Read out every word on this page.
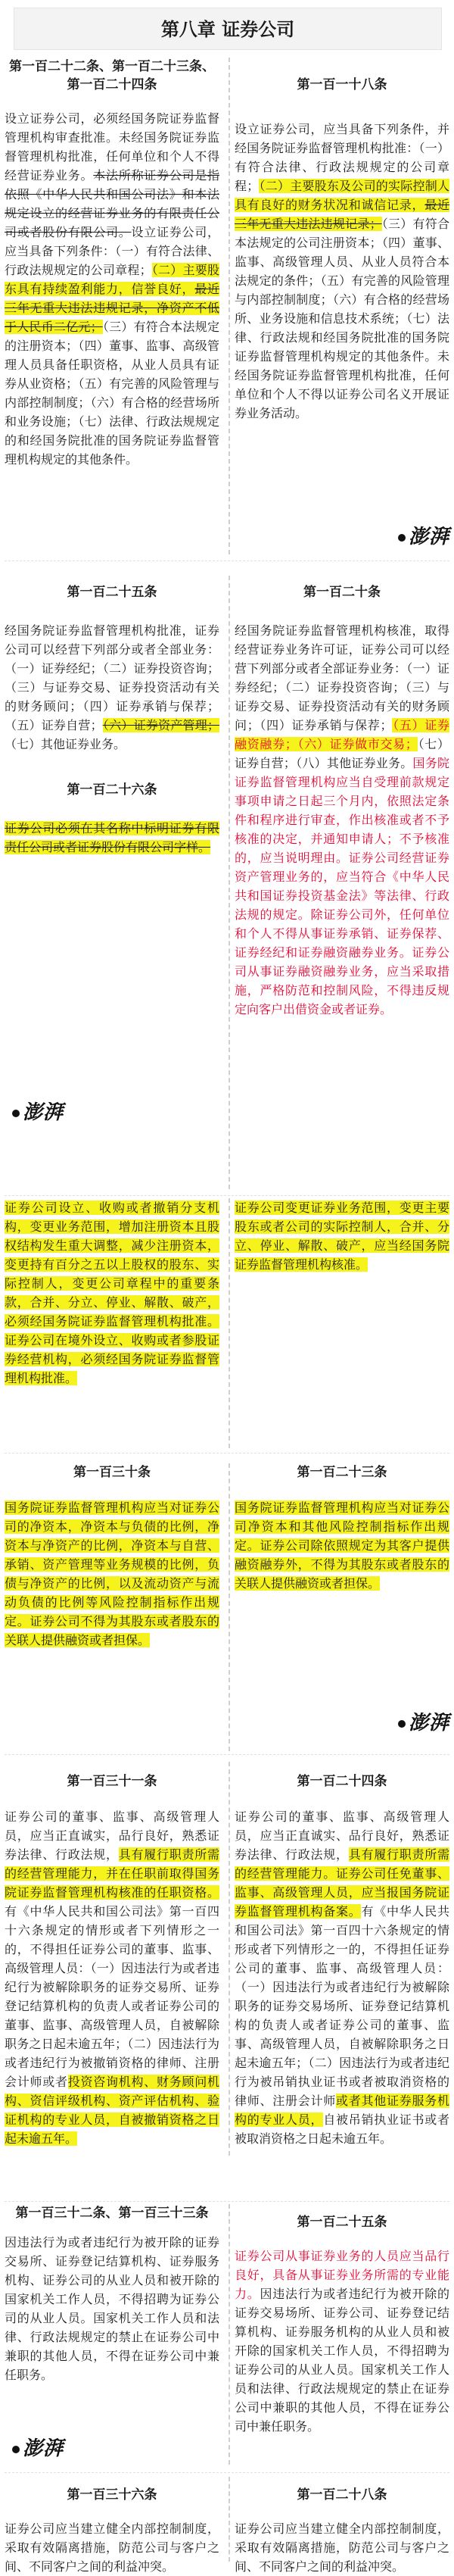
第八章 证券公司
第一百二十二条、第一百二十三条、第一百二十四条

设立证券公司，必须经国务院证券监督管理机构审查批准。未经国务院证券监督管理机构批准，任何单位和个人不得经营证券业务。本法所称证券公司是指依照《中华人民共和国公司法》和本法规定设立的经营证券业务的有限责任公司或者股份有限公司。设立证券公司，应当具备下列条件：（一）有符合法律、行政法规规定的公司章程；（二）主要股东具有持续盈利能力，信誉良好，最近三年无重大违法违规记录，净资产不低于人民币二亿元；（三）有符合本法规定的注册资本；（四）董事、监事、高级管理人员具备任职资格，从业人员具有证券从业资格；（五）有完善的风险管理与内部控制制度；（六）有合格的经营场所和业务设施；（七）法律、行政法规规定的和经国务院批准的国务院证券监督管理机构规定的其他条件。

第一百一十八条

设立证券公司，应当具备下列条件，并经国务院证券监督管理机构批准：（一）有符合法律、行政法规规定的公司章程；（二）主要股东及公司的实际控制人具有良好的财务状况和诚信记录，最近三年无重大违法违规记录；（三）有符合本法规定的公司注册资本；（四）董事、监事、高级管理人员、从业人员符合本法规定的条件；（五）有完善的风险管理与内部控制制度；（六）有合格的经营场所、业务设施和信息技术系统；（七）法律、行政法规和经国务院批准的国务院证券监督管理机构规定的其他条件。未经国务院证券监督管理机构批准，任何单位和个人不得以证券公司名义开展证券业务活动。

澎湃
第一百二十五条

经国务院证券监督管理机构批准，证券公司可以经营下列部分或者全部业务：（一）证券经纪；（二）证券投资咨询；（三）与证券交易、证券投资活动有关的财务顾问；（四）证券承销与保荐；（五）证券自营；（六）证券资产管理；（七）其他证券业务。

第一百二十六条

证券公司必须在其名称中标明证券有限责任公司或者证券股份有限公司字样。

第一百二十条

经国务院证券监督管理机构核准，取得经营证券业务许可证，证券公司可以经营下列部分或者全部证券业务：（一）证券经纪；（二）证券投资咨询；（三）与证券交易、证券投资活动有关的财务顾问；（四）证券承销与保荐；（五）证券融资融券；（六）证券做市交易；（七）证券自营；（八）其他证券业务。国务院证券监督管理机构应当自受理前款规定事项申请之日起三个月内，依照法定条件和程序进行审查，作出核准或者不予核准的决定，并通知申请人；不予核准的，应当说明理由。证券公司经营证券资产管理业务的，应当符合《中华人民共和国证券投资基金法》等法律、行政法规的规定。除证券公司外，任何单位和个人不得从事证券承销、证券保荐、证券经纪和证券融资融券业务。证券公司从事证券融资融券业务，应当采取措施，严格防范和控制风险，不得违反规定向客户出借资金或者证券。

澎湃

证券公司设立、收购或者撤销分支机构，变更业务范围，增加注册资本且股权结构发生重大调整，减少注册资本，变更持有百分之五以上股权的股东、实际控制人，变更公司章程中的重要条款，合并、分立、停业、解散、破产，必须经国务院证券监督管理机构批准。证券公司在境外设立、收购或者参股证券经营机构，必须经国务院证券监督管理机构批准。

证券公司变更证券业务范围，变更主要股东或者公司的实际控制人，合并、分立、停业、解散、破产，应当经国务院证券监督管理机构核准。

第一百三十条

国务院证券监督管理机构应当对证券公司的净资本，净资本与负债的比例，净资本与净资产的比例，净资本与自营、承销、资产管理等业务规模的比例，负债与净资产的比例，以及流动资产与流动负债的比例等风险控制指标作出规定。证券公司不得为其股东或者股东的关联人提供融资或者担保。

第一百二十三条

国务院证券监督管理机构应当对证券公司净资本和其他风险控制指标作出规定。证券公司除依照规定为其客户提供融资融券外，不得为其股东或者股东的关联人提供融资或者担保。

澎湃
第一百三十一条

证券公司的董事、监事、高级管理人员，应当正直诚实，品行良好，熟悉证券法律、行政法规，具有履行职责所需的经营管理能力，并在任职前取得国务院证券监督管理机构核准的任职资格。有《中华人民共和国公司法》第一百四十六条规定的情形或者下列情形之一的，不得担任证券公司的董事、监事、高级管理人员：（一）因违法行为或者违纪行为被解除职务的证券交易所、证券登记结算机构的负责人或者证券公司的董事、监事、高级管理人员，自被解除职务之日起未逾五年；（二）因违法行为或者违纪行为被撤销资格的律师、注册会计师或者投资咨询机构、财务顾问机构、资信评级机构、资产评估机构、验证机构的专业人员，自被撤销资格之日起未逾五年。

第一百二十四条

证券公司的董事、监事、高级管理人员，应当正直诚实、品行良好，熟悉证券法律、行政法规，具有履行职责所需的经营管理能力。证券公司任免董事、监事、高级管理人员，应当报国务院证券监督管理机构备案。有《中华人民共和国公司法》第一百四十六条规定的情形或者下列情形之一的，不得担任证券公司的董事、监事、高级管理人员：（一）因违法行为或者违纪行为被解除职务的证券交易场所、证券登记结算机构的负责人或者证券公司的董事、监事、高级管理人员，自被解除职务之日起未逾五年；（二）因违法行为或者违纪行为被吊销执业证书或者被取消资格的律师、注册会计师或者其他证券服务机构的专业人员，自被吊销执业证书或者被取消资格之日起未逾五年。

第一百三十二条、第一百三十三条

因违法行为或者违纪行为被开除的证券交易所、证券登记结算机构、证券服务机构、证券公司的从业人员和被开除的国家机关工作人员，不得招聘为证券公司的从业人员。国家机关工作人员和法律、行政法规规定的禁止在证券公司中兼职的其他人员，不得在证券公司中兼任职务。

第一百二十五条

证券公司从事证券业务的人员应当品行良好，具备从事证券业务所需的专业能力。因违法行为或者违纪行为被开除的证券交易场所、证券公司、证券登记结算机构、证券服务机构的从业人员和被开除的国家机关工作人员，不得招聘为证券公司的从业人员。国家机关工作人员和法律、行政法规规定的禁止在证券公司中兼职的其他人员，不得在证券公司中兼任职务。

澎湃
第一百三十六条

证券公司应当建立健全内部控制制度，采取有效隔离措施，防范公司与客户之间、不同客户之间的利益冲突。

第一百二十八条

证券公司应当建立健全内部控制制度，采取有效隔离措施，防范公司与客户之间、不同客户之间的利益冲突。
